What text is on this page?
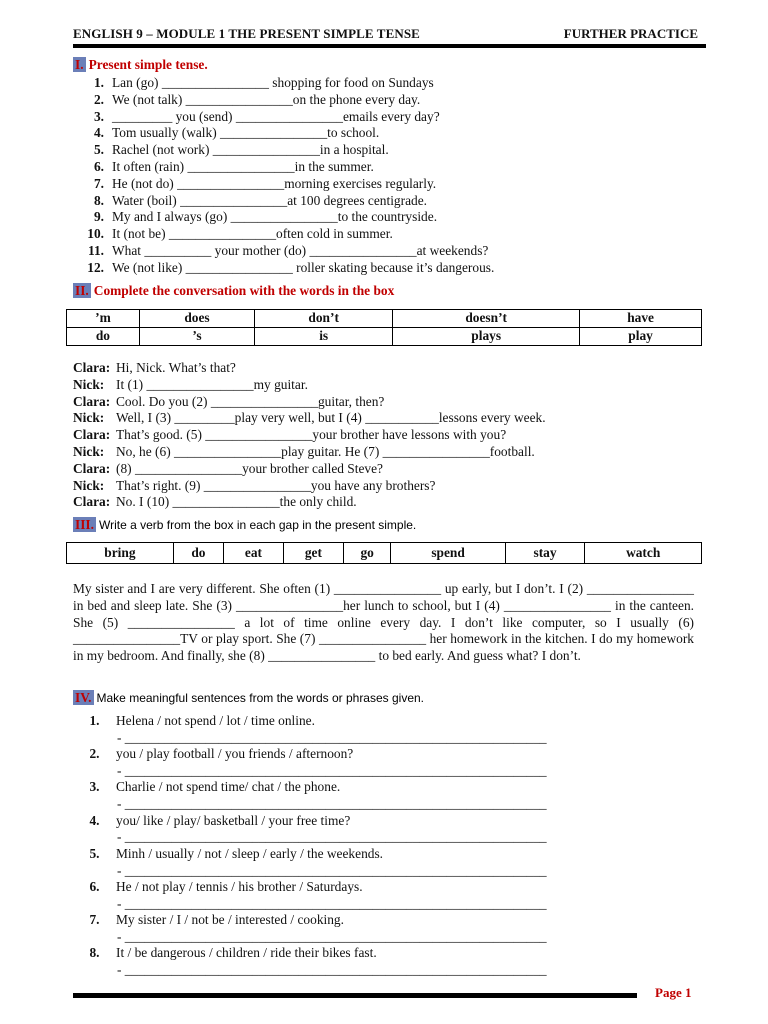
ENGLISH 9 – MODULE 1 THE PRESENT SIMPLE TENSE	FURTHER PRACTICE
I. Present simple tense.
1. Lan (go) ________________ shopping for food on Sundays
2. We (not talk) ________________on the phone every day.
3. _________ you (send) ________________emails every day?
4. Tom usually (walk) ________________to school.
5. Rachel (not work) ________________in a hospital.
6. It often (rain) ________________in the summer.
7. He (not do) ________________morning exercises regularly.
8. Water (boil) ________________at 100 degrees centigrade.
9. My and I always (go) ________________to the countryside.
10. It (not be) ________________often cold in summer.
11. What __________ your mother (do) ________________at weekends?
12. We (not like) ________________ roller skating because it’s dangerous.
II. Complete the conversation with the words in the box
’m	does	don’t	doesn’t	have
do	’s	is	plays	play
Clara: Hi, Nick. What’s that?
Nick: It (1) ________________my guitar.
Clara: Cool. Do you (2) ________________guitar, then?
Nick: Well, I (3) _________play very well, but I (4) ___________lessons every week.
Clara: That’s good. (5) ________________your brother have lessons with you?
Nick: No, he (6) ________________play guitar. He (7) ________________football.
Clara: (8) ________________your brother called Steve?
Nick: That’s right. (9) ________________you have any brothers?
Clara: No. I (10) ________________the only child.
III. Write a verb from the box in each gap in the present simple.
bring	do	eat	get	go	spend	stay	watch
My sister and I are very different. She often (1) ________________ up early, but I don’t. I (2) ________________ in bed and sleep late. She (3) ________________her lunch to school, but I (4) ________________ in the canteen. She (5) ________________ a lot of time online every day. I don’t like computer, so I usually (6) ________________TV or play sport. She (7) ________________ her homework in the kitchen. I do my homework in my bedroom. And finally, she (8) ________________ to bed early. And guess what? I don’t.
IV. Make meaningful sentences from the words or phrases given.
1. Helena / not spend / lot / time online.
- _______________________________________________________________
2. you / play football / you friends / afternoon?
- _______________________________________________________________
3. Charlie / not spend time/ chat / the phone.
- _______________________________________________________________
4. you/ like / play/ basketball / your free time?
- _______________________________________________________________
5. Minh / usually / not / sleep / early / the weekends.
- _______________________________________________________________
6. He / not play / tennis / his brother / Saturdays.
- _______________________________________________________________
7. My sister / I / not be / interested / cooking.
- _______________________________________________________________
8. It / be dangerous / children / ride their bikes fast.
- _______________________________________________________________
Page 1
